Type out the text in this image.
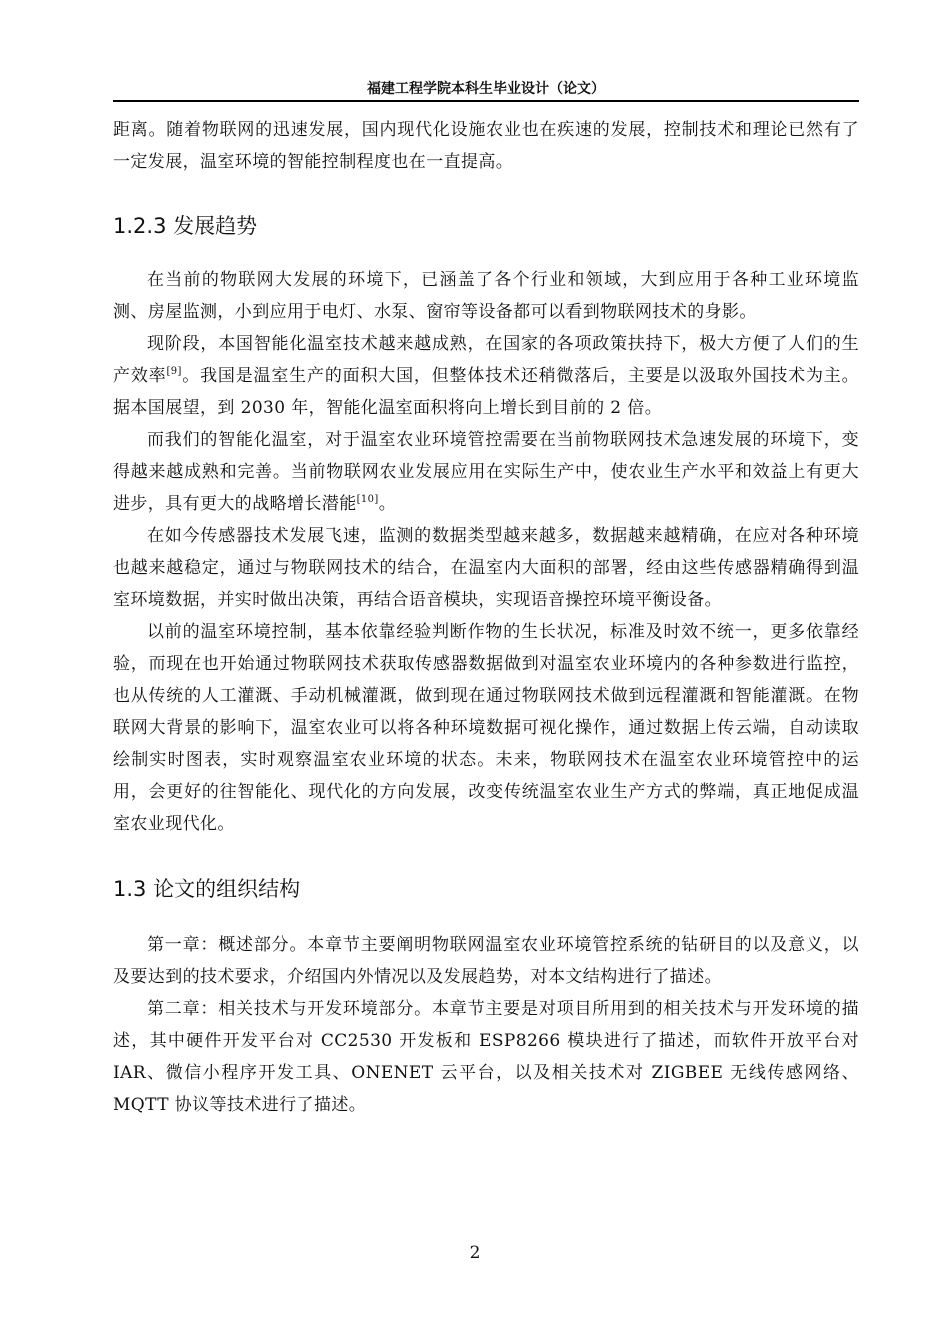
福建工程学院本科生毕业设计（论文）

距离。随着物联网的迅速发展，国内现代化设施农业也在疾速的发展，控制技术和理论已然有了一定发展，温室环境的智能控制程度也在一直提高。

1.2.3 发展趋势

在当前的物联网大发展的环境下，已涵盖了各个行业和领域，大到应用于各种工业环境监测、房屋监测，小到应用于电灯、水泵、窗帘等设备都可以看到物联网技术的身影。

现阶段，本国智能化温室技术越来越成熟，在国家的各项政策扶持下，极大方便了人们的生产效率[9]。我国是温室生产的面积大国，但整体技术还稍微落后，主要是以汲取外国技术为主。据本国展望，到 2030 年，智能化温室面积将向上增长到目前的 2 倍。

而我们的智能化温室，对于温室农业环境管控需要在当前物联网技术急速发展的环境下，变得越来越成熟和完善。当前物联网农业发展应用在实际生产中，使农业生产水平和效益上有更大进步，具有更大的战略增长潜能[10]。

在如今传感器技术发展飞速，监测的数据类型越来越多，数据越来越精确，在应对各种环境也越来越稳定，通过与物联网技术的结合，在温室内大面积的部署，经由这些传感器精确得到温室环境数据，并实时做出决策，再结合语音模块，实现语音操控环境平衡设备。

以前的温室环境控制，基本依靠经验判断作物的生长状况，标准及时效不统一，更多依靠经验，而现在也开始通过物联网技术获取传感器数据做到对温室农业环境内的各种参数进行监控，也从传统的人工灌溉、手动机械灌溉，做到现在通过物联网技术做到远程灌溉和智能灌溉。在物联网大背景的影响下，温室农业可以将各种环境数据可视化操作，通过数据上传云端，自动读取绘制实时图表，实时观察温室农业环境的状态。未来，物联网技术在温室农业环境管控中的运用，会更好的往智能化、现代化的方向发展，改变传统温室农业生产方式的弊端，真正地促成温室农业现代化。

1.3 论文的组织结构

第一章：概述部分。本章节主要阐明物联网温室农业环境管控系统的钻研目的以及意义，以及要达到的技术要求，介绍国内外情况以及发展趋势，对本文结构进行了描述。

第二章：相关技术与开发环境部分。本章节主要是对项目所用到的相关技术与开发环境的描述，其中硬件开发平台对 CC2530 开发板和 ESP8266 模块进行了描述，而软件开放平台对 IAR、微信小程序开发工具、ONENET 云平台，以及相关技术对 ZIGBEE 无线传感网络、MQTT 协议等技术进行了描述。

2
